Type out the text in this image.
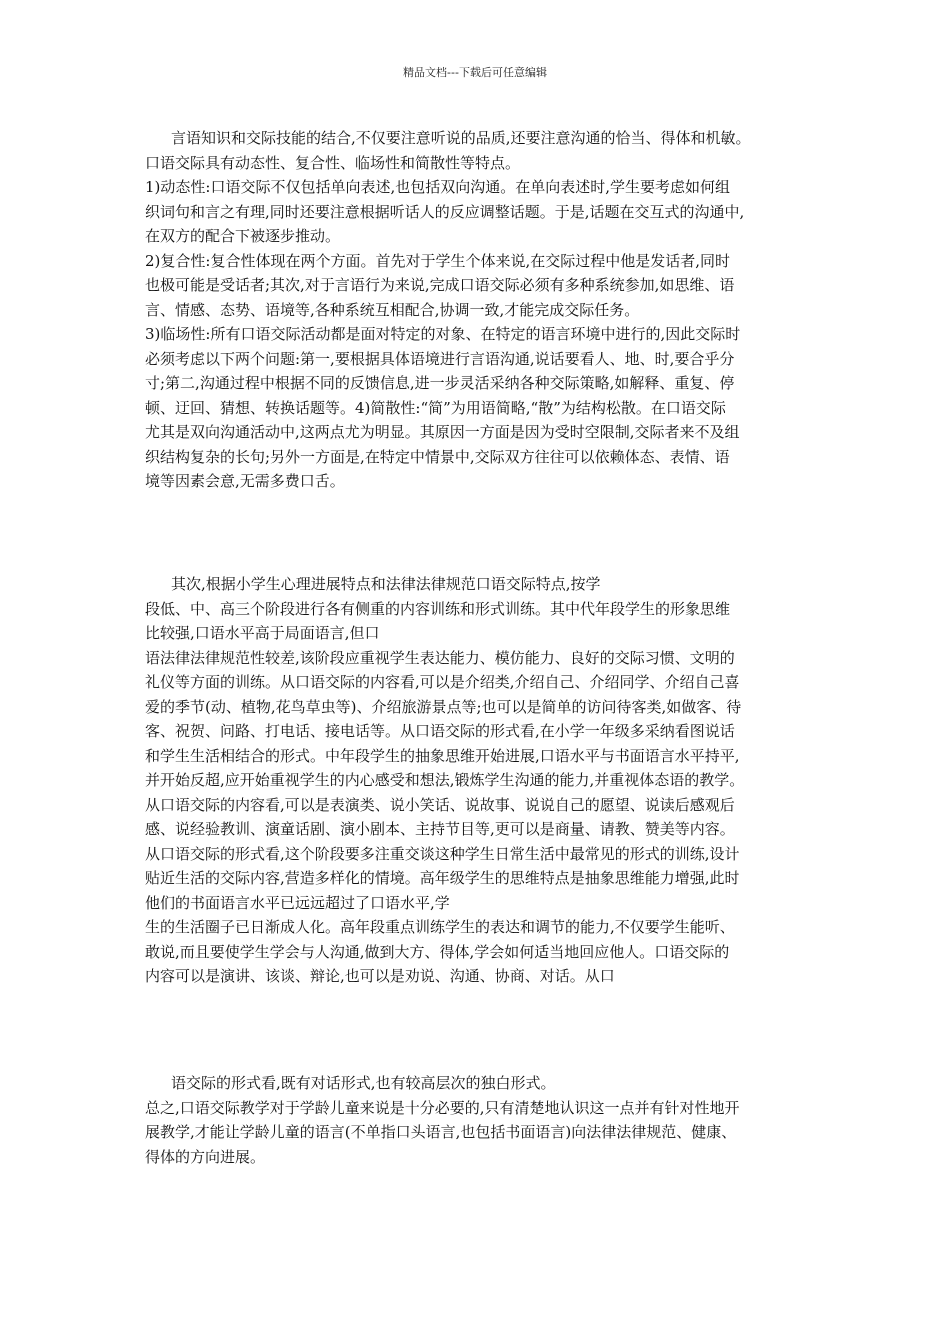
精品文档---下载后可任意编辑

言语知识和交际技能的结合,不仅要注意听说的品质,还要注意沟通的恰当、得体和机敏。

口语交际具有动态性、复合性、临场性和简散性等特点。

1)动态性:口语交际不仅包括单向表述,也包括双向沟通。在单向表述时,学生要考虑如何组

织词句和言之有理,同时还要注意根据听话人的反应调整话题。于是,话题在交互式的沟通中,

在双方的配合下被逐步推动。

2)复合性:复合性体现在两个方面。首先对于学生个体来说,在交际过程中他是发话者,同时

也极可能是受话者;其次,对于言语行为来说,完成口语交际必须有多种系统参加,如思维、语

言、情感、态势、语境等,各种系统互相配合,协调一致,才能完成交际任务。

3)临场性:所有口语交际活动都是面对特定的对象、在特定的语言环境中进行的,因此交际时

必须考虑以下两个问题:第一,要根据具体语境进行言语沟通,说话要看人、地、时,要合乎分

寸;第二,沟通过程中根据不同的反馈信息,进一步灵活采纳各种交际策略,如解释、重复、停

顿、迂回、猜想、转换话题等。4)简散性:“简”为用语简略,“散”为结构松散。在口语交际

尤其是双向沟通活动中,这两点尤为明显。其原因一方面是因为受时空限制,交际者来不及组

织结构复杂的长句;另外一方面是,在特定中情景中,交际双方往往可以依赖体态、表情、语

境等因素会意,无需多费口舌。

其次,根据小学生心理进展特点和法律法律规范口语交际特点,按学

段低、中、高三个阶段进行各有侧重的内容训练和形式训练。其中代年段学生的形象思维

比较强,口语水平高于局面语言,但口

语法律法律规范性较差,该阶段应重视学生表达能力、模仿能力、良好的交际习惯、文明的

礼仪等方面的训练。从口语交际的内容看,可以是介绍类,介绍自己、介绍同学、介绍自己喜

爱的季节(动、植物,花鸟草虫等)、介绍旅游景点等;也可以是简单的访问待客类,如做客、待

客、祝贺、问路、打电话、接电话等。从口语交际的形式看,在小学一年级多采纳看图说话

和学生生活相结合的形式。中年段学生的抽象思维开始进展,口语水平与书面语言水平持平,

并开始反超,应开始重视学生的内心感受和想法,锻炼学生沟通的能力,并重视体态语的教学。

从口语交际的内容看,可以是表演类、说小笑话、说故事、说说自己的愿望、说读后感观后

感、说经验教训、演童话剧、演小剧本、主持节目等,更可以是商量、请教、赞美等内容。

从口语交际的形式看,这个阶段要多注重交谈这种学生日常生活中最常见的形式的训练,设计

贴近生活的交际内容,营造多样化的情境。高年级学生的思维特点是抽象思维能力增强,此时

他们的书面语言水平已远远超过了口语水平,学

生的生活圈子已日渐成人化。高年段重点训练学生的表达和调节的能力,不仅要学生能听、

敢说,而且要使学生学会与人沟通,做到大方、得体,学会如何适当地回应他人。口语交际的

内容可以是演讲、该谈、辩论,也可以是劝说、沟通、协商、对话。从口

语交际的形式看,既有对话形式,也有较高层次的独白形式。

总之,口语交际教学对于学龄儿童来说是十分必要的,只有清楚地认识这一点并有针对性地开

展教学,才能让学龄儿童的语言(不单指口头语言,也包括书面语言)向法律法律规范、健康、

得体的方向进展。
